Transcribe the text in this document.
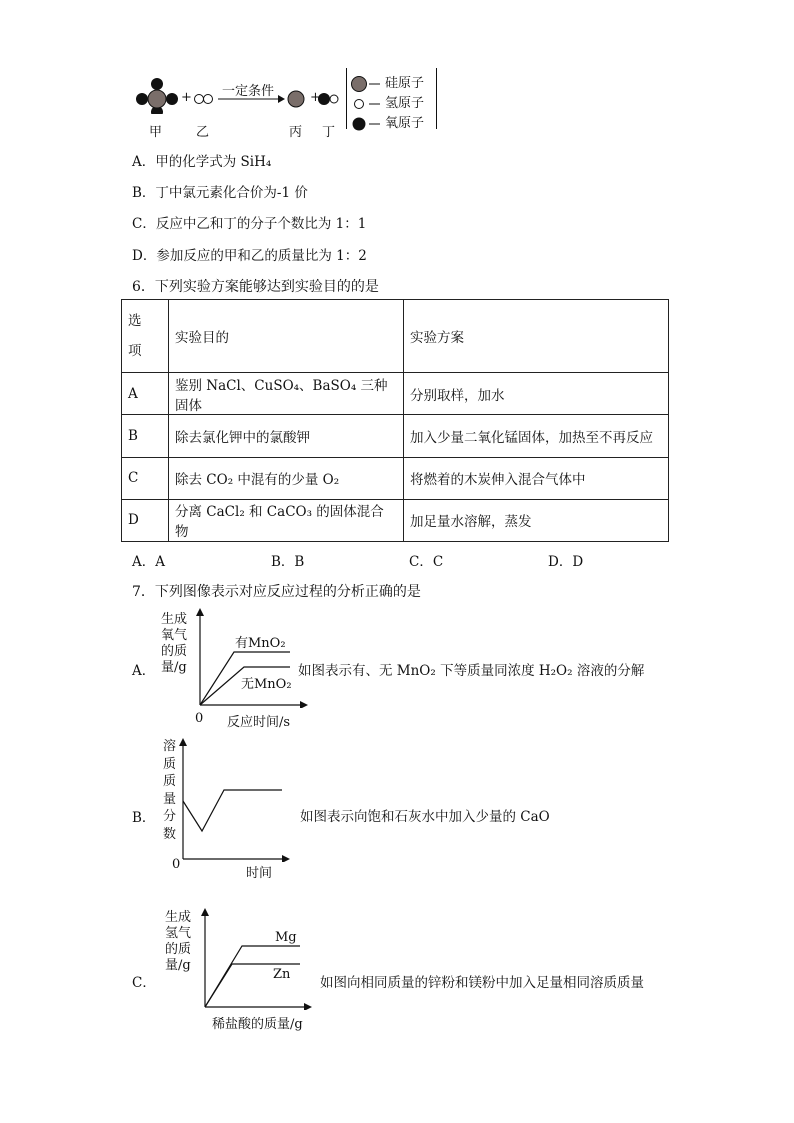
+	+
一定条件
甲	乙	丙 丁
硅原子
氢原子
氧原子
A．甲的化学式为 SiH₄
B．丁中氯元素化合价为-1 价
C．反应中乙和丁的分子个数比为 1：1
D．参加反应的甲和乙的质量比为 1：2
6．下列实验方案能够达到实验目的的是
选项	实验目的	实验方案
A	鉴别 NaCl、CuSO₄、BaSO₄ 三种固体	分别取样，加水
B	除去氯化钾中的氯酸钾	加入少量二氧化锰固体，加热至不再反应
C	除去 CO₂ 中混有的少量 O₂	将燃着的木炭伸入混合气体中
D	分离 CaCl₂ 和 CaCO₃ 的固体混合物	加足量水溶解，蒸发
A．A	B．B	C．C	D．D
7．下列图像表示对应反应过程的分析正确的是
A．
生成
氧气
的质
量/g
有MnO₂
无MnO₂
0 反应时间/s
如图表示有、无 MnO₂ 下等质量同浓度 H₂O₂ 溶液的分解
B．
溶
质
质
量
分
数
0
时间
如图表示向饱和石灰水中加入少量的 CaO
C．
生成
氢气
的质
量/g
Mg
Zn
稀盐酸的质量/g
如图向相同质量的锌粉和镁粉中加入足量相同溶质质量
